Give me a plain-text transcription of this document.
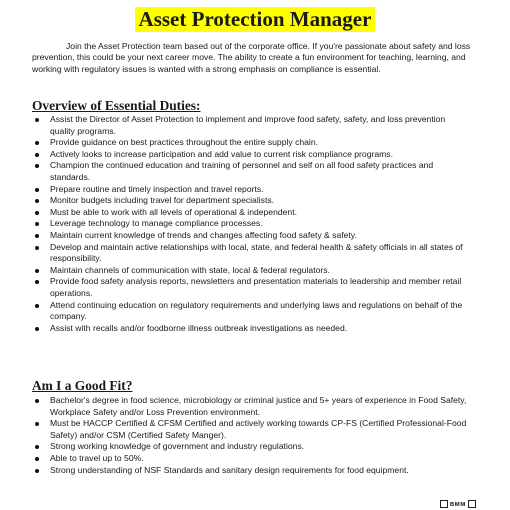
Asset Protection Manager
Join the Asset Protection team based out of the corporate office. If you're passionate about safety and loss prevention, this could be your next career move. The ability to create a fun environment for teaching, learning, and working with regulatory issues is wanted with a strong emphasis on compliance is essential.
Overview of Essential Duties:
Assist the Director of Asset Protection to implement and improve food safety, safety, and loss prevention quality programs.
Provide guidance on best practices throughout the entire supply chain.
Actively looks to increase participation and add value to current risk compliance programs.
Champion the continued education and training of personnel and self on all food safety practices and standards.
Prepare routine and timely inspection and travel reports.
Monitor budgets including travel for department specialists.
Must be able to work with all levels of operational & independent.
Leverage technology to manage compliance processes.
Maintain current knowledge of trends and changes affecting food safety & safety.
Develop and maintain active relationships with local, state, and federal health & safety officials in all states of responsibility.
Maintain channels of communication with state, local & federal regulators.
Provide food safety analysis reports, newsletters and presentation materials to leadership and member retail operations.
Attend continuing education on regulatory requirements and underlying laws and regulations on behalf of the company.
Assist with recalls and/or foodborne illness outbreak investigations as needed.
Am I a Good Fit?
Bachelor's degree in food science, microbiology or criminal justice and 5+ years of experience in Food Safety, Workplace Safety and/or Loss Prevention environment.
Must be HACCP Certified & CFSM Certified and actively working towards CP-FS (Certified Professional-Food Safety) and/or CSM (Certified Safety Manger).
Strong working knowledge of government and industry regulations.
Able to travel up to 50%.
Strong understanding of NSF Standards and sanitary design requirements for food equipment.
ʙᴍᴍ
